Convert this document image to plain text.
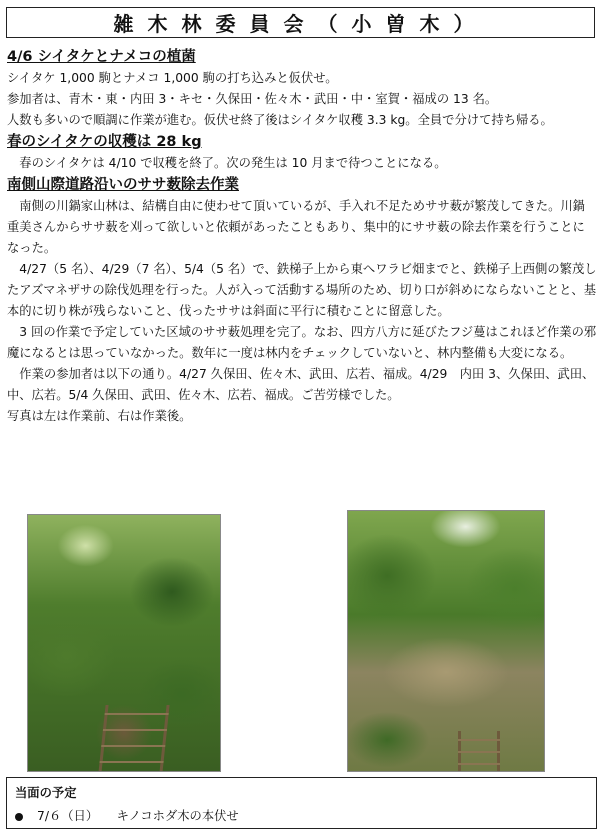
雑木林委員会（小曽木）

4/6 シイタケとナメコの植菌

シイタケ 1,000 駒とナメコ 1,000 駒の打ち込みと仮伏せ。

参加者は、青木・東・内田 3・キセ・久保田・佐々木・武田・中・室賀・福成の 13 名。

人数も多いので順調に作業が進む。仮伏せ終了後はシイタケ収穫 3.3 kg。全員で分けて持ち帰る。

春のシイタケの収穫は 28 kg

春のシイタケは 4/10 で収穫を終了。次の発生は 10 月まで待つことになる。

南側山際道路沿いのササ薮除去作業

南側の川鍋家山林は、結構自由に使わせて頂いているが、手入れ不足ためササ薮が繁茂してきた。川鍋重美さんからササ薮を刈って欲しいと依頼があったこともあり、集中的にササ薮の除去作業を行うことになった。

4/27（5 名）、4/29（7 名）、5/4（5 名）で、鉄梯子上から東へワラビ畑までと、鉄梯子上西側の繁茂したアズマネザサの除伐処理を行った。人が入って活動する場所のため、切り口が斜めにならないことと、基本的に切り株が残らないこと、伐ったササは斜面に平行に積むことに留意した。

3 回の作業で予定していた区域のササ薮処理を完了。なお、四方八方に延びたフジ蔓はこれほど作業の邪魔になるとは思っていなかった。数年に一度は林内をチェックしていないと、林内整備も大変になる。

作業の参加者は以下の通り。4/27 久保田、佐々木、武田、広若、福成。4/29　内田 3、久保田、武田、中、広若。5/4 久保田、武田、佐々木、広若、福成。ご苦労様でした。

写真は左は作業前、右は作業後。

当面の予定
7/６（日）　　 キノコホダ木の本伏せ
